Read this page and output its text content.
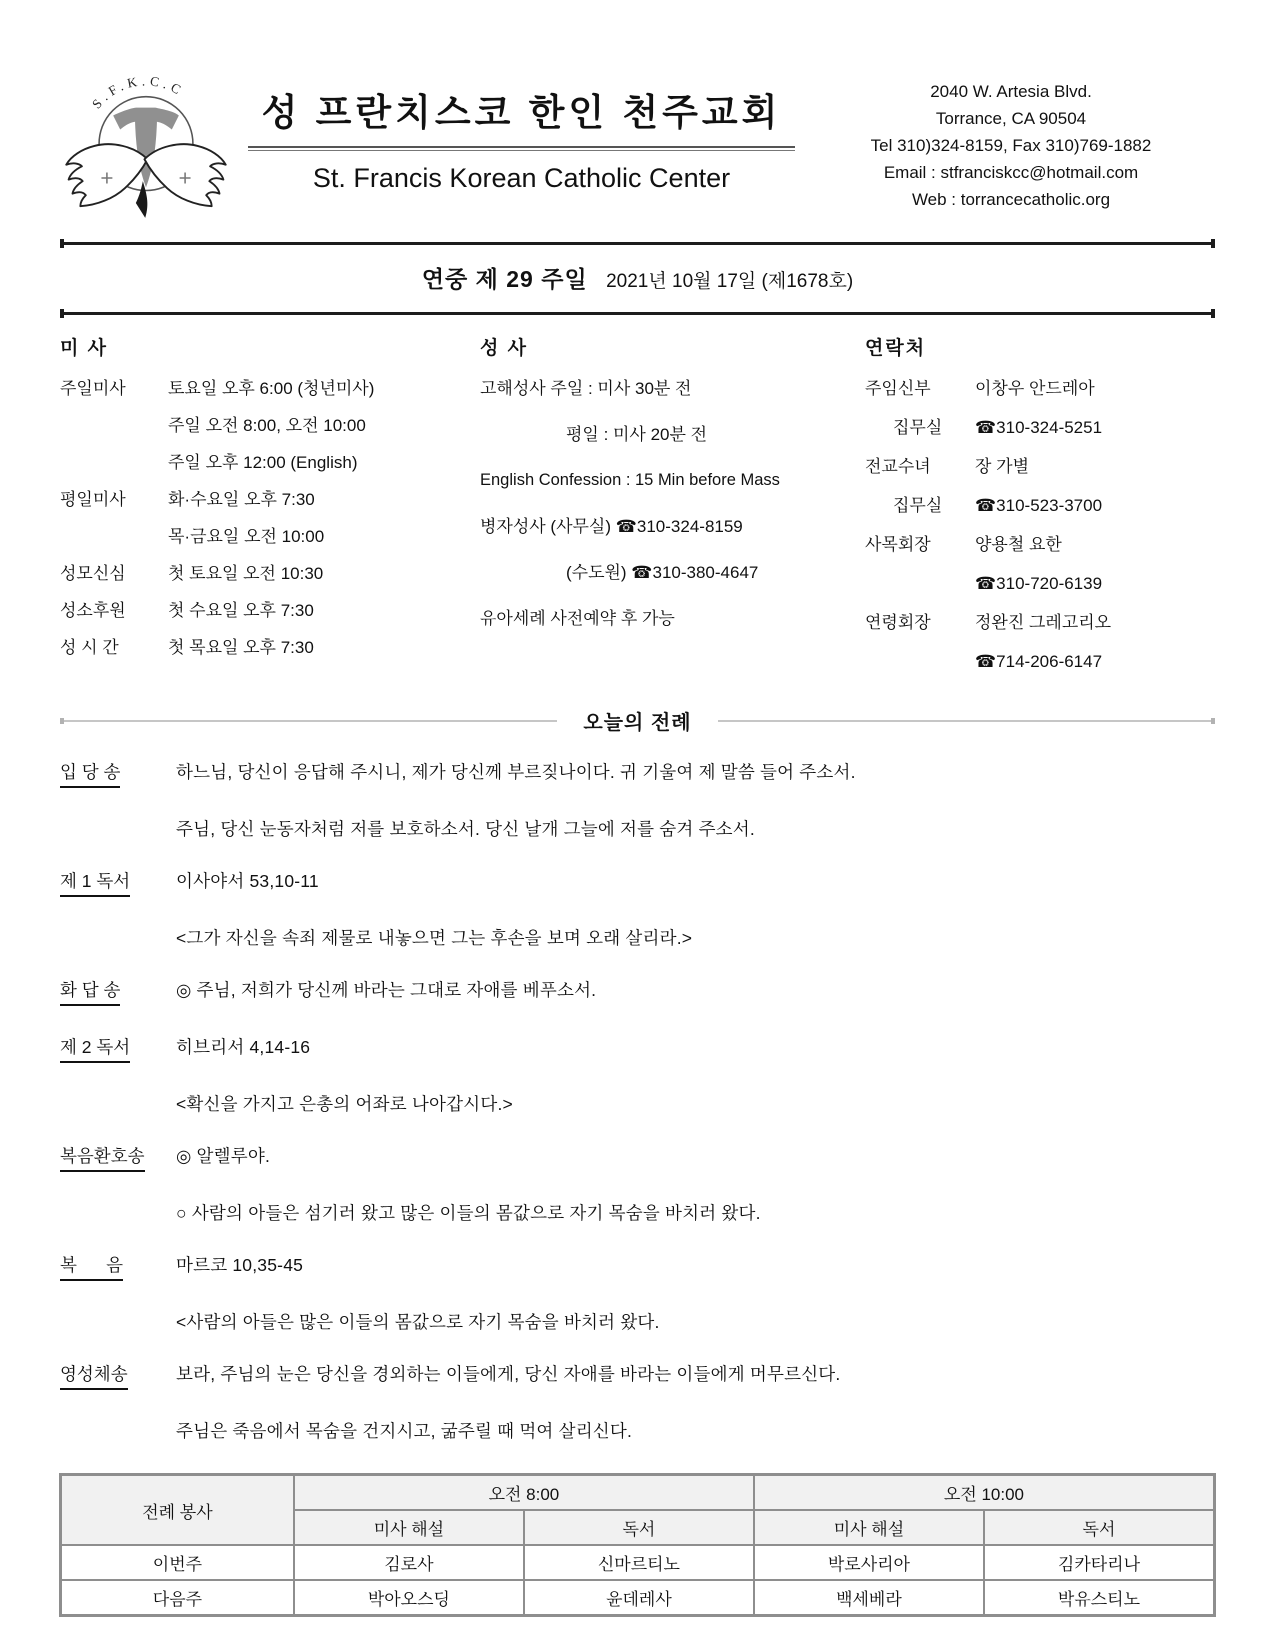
S.F.K.C.C
성 프란치스코 한인 천주교회
St. Francis Korean Catholic Center
2040 W. Artesia Blvd.
Torrance, CA 90504
Tel 310)324-8159, Fax 310)769-1882
Email : stfranciskcc@hotmail.com
Web : torrancecatholic.org
연중 제 29 주일 2021년 10월 17일 (제1678호)
미 사
주일미사	토요일 오후 6:00 (청년미사)
주일 오전 8:00, 오전 10:00
주일 오후 12:00 (English)
평일미사	화·수요일 오후 7:30
목·금요일 오전 10:00
성모신심	첫 토요일 오전 10:30
성소후원	첫 수요일 오후 7:30
성 시 간	첫 목요일 오후 7:30
성 사
고해성사 주일 : 미사 30분 전
평일 : 미사 20분 전
English Confession : 15 Min before Mass
병자성사 (사무실) ☎310-324-8159
(수도원) ☎310-380-4647
유아세례 사전예약 후 가능
연락처
주임신부	이창우 안드레아
집무실	☎310-324-5251
전교수녀	장 가별
집무실	☎310-523-3700
사목회장	양용철 요한
☎310-720-6139
연령회장	정완진 그레고리오
☎714-206-6147
오늘의 전례
입 당 송	하느님, 당신이 응답해 주시니, 제가 당신께 부르짖나이다. 귀 기울여 제 말씀 들어 주소서.
주님, 당신 눈동자처럼 저를 보호하소서. 당신 날개 그늘에 저를 숨겨 주소서.
제 1 독서	이사야서 53,10-11
<그가 자신을 속죄 제물로 내놓으면 그는 후손을 보며 오래 살리라.>
화 답 송	◎ 주님, 저희가 당신께 바라는 그대로 자애를 베푸소서.
제 2 독서	히브리서 4,14-16
<확신을 가지고 은총의 어좌로 나아갑시다.>
복음환호송	◎ 알렐루야.
○ 사람의 아들은 섬기러 왔고 많은 이들의 몸값으로 자기 목숨을 바치러 왔다.
복      음	마르코 10,35-45
<사람의 아들은 많은 이들의 몸값으로 자기 목숨을 바치러 왔다.
영성체송	보라, 주님의 눈은 당신을 경외하는 이들에게, 당신 자애를 바라는 이들에게 머무르신다.
주님은 죽음에서 목숨을 건지시고, 굶주릴 때 먹여 살리신다.
전례 봉사	오전 8:00		오전 10:00	
	미사 해설	독서	미사 해설	독서
이번주	김로사	신마르티노	박로사리아	김카타리나
다음주	박아오스딩	윤데레사	백세베라	박유스티노
